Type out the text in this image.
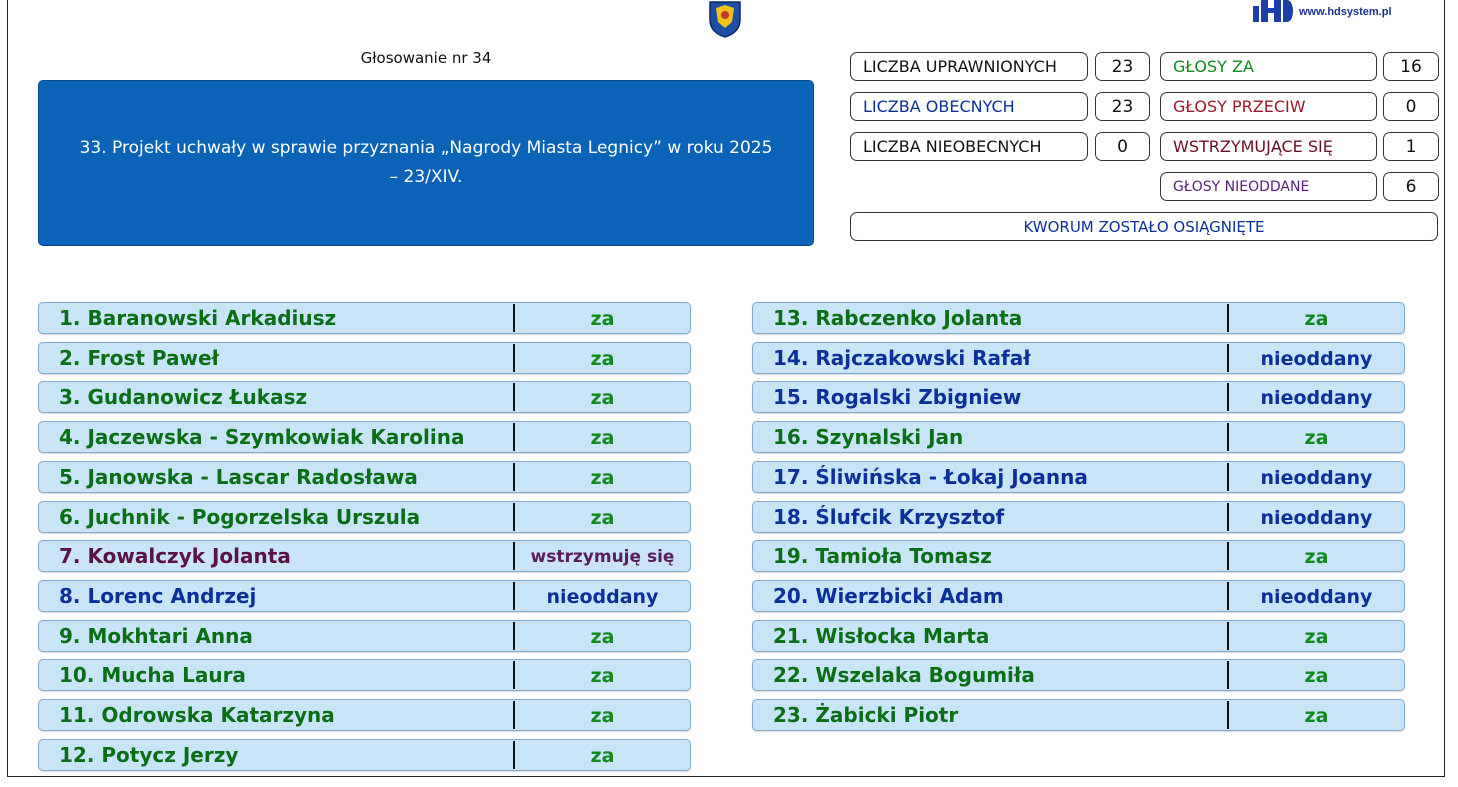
www.hdsystem.pl
Głosowanie nr 34
33. Projekt uchwały w sprawie przyznania „Nagrody Miasta Legnicy” w roku 2025
– 23/XIV.
LICZBA UPRAWNIONYCH	23	GŁOSY ZA	16
LICZBA OBECNYCH	23	GŁOSY PRZECIW	0
LICZBA NIEOBECNYCH	0	WSTRZYMUJĄCE SIĘ	1
GŁOSY NIEODDANE	6
KWORUM ZOSTAŁO OSIĄGNIĘTE
1. Baranowski Arkadiusz	za
2. Frost Paweł	za
3. Gudanowicz Łukasz	za
4. Jaczewska - Szymkowiak Karolina	za
5. Janowska - Lascar Radosława	za
6. Juchnik - Pogorzelska Urszula	za
7. Kowalczyk Jolanta	wstrzymuję się
8. Lorenc Andrzej	nieoddany
9. Mokhtari Anna	za
10. Mucha Laura	za
11. Odrowska Katarzyna	za
12. Potycz Jerzy	za
13. Rabczenko Jolanta	za
14. Rajczakowski Rafał	nieoddany
15. Rogalski Zbigniew	nieoddany
16. Szynalski Jan	za
17. Śliwińska - Łokaj Joanna	nieoddany
18. Ślufcik Krzysztof	nieoddany
19. Tamioła Tomasz	za
20. Wierzbicki Adam	nieoddany
21. Wisłocka Marta	za
22. Wszelaka Bogumiła	za
23. Żabicki Piotr	za
